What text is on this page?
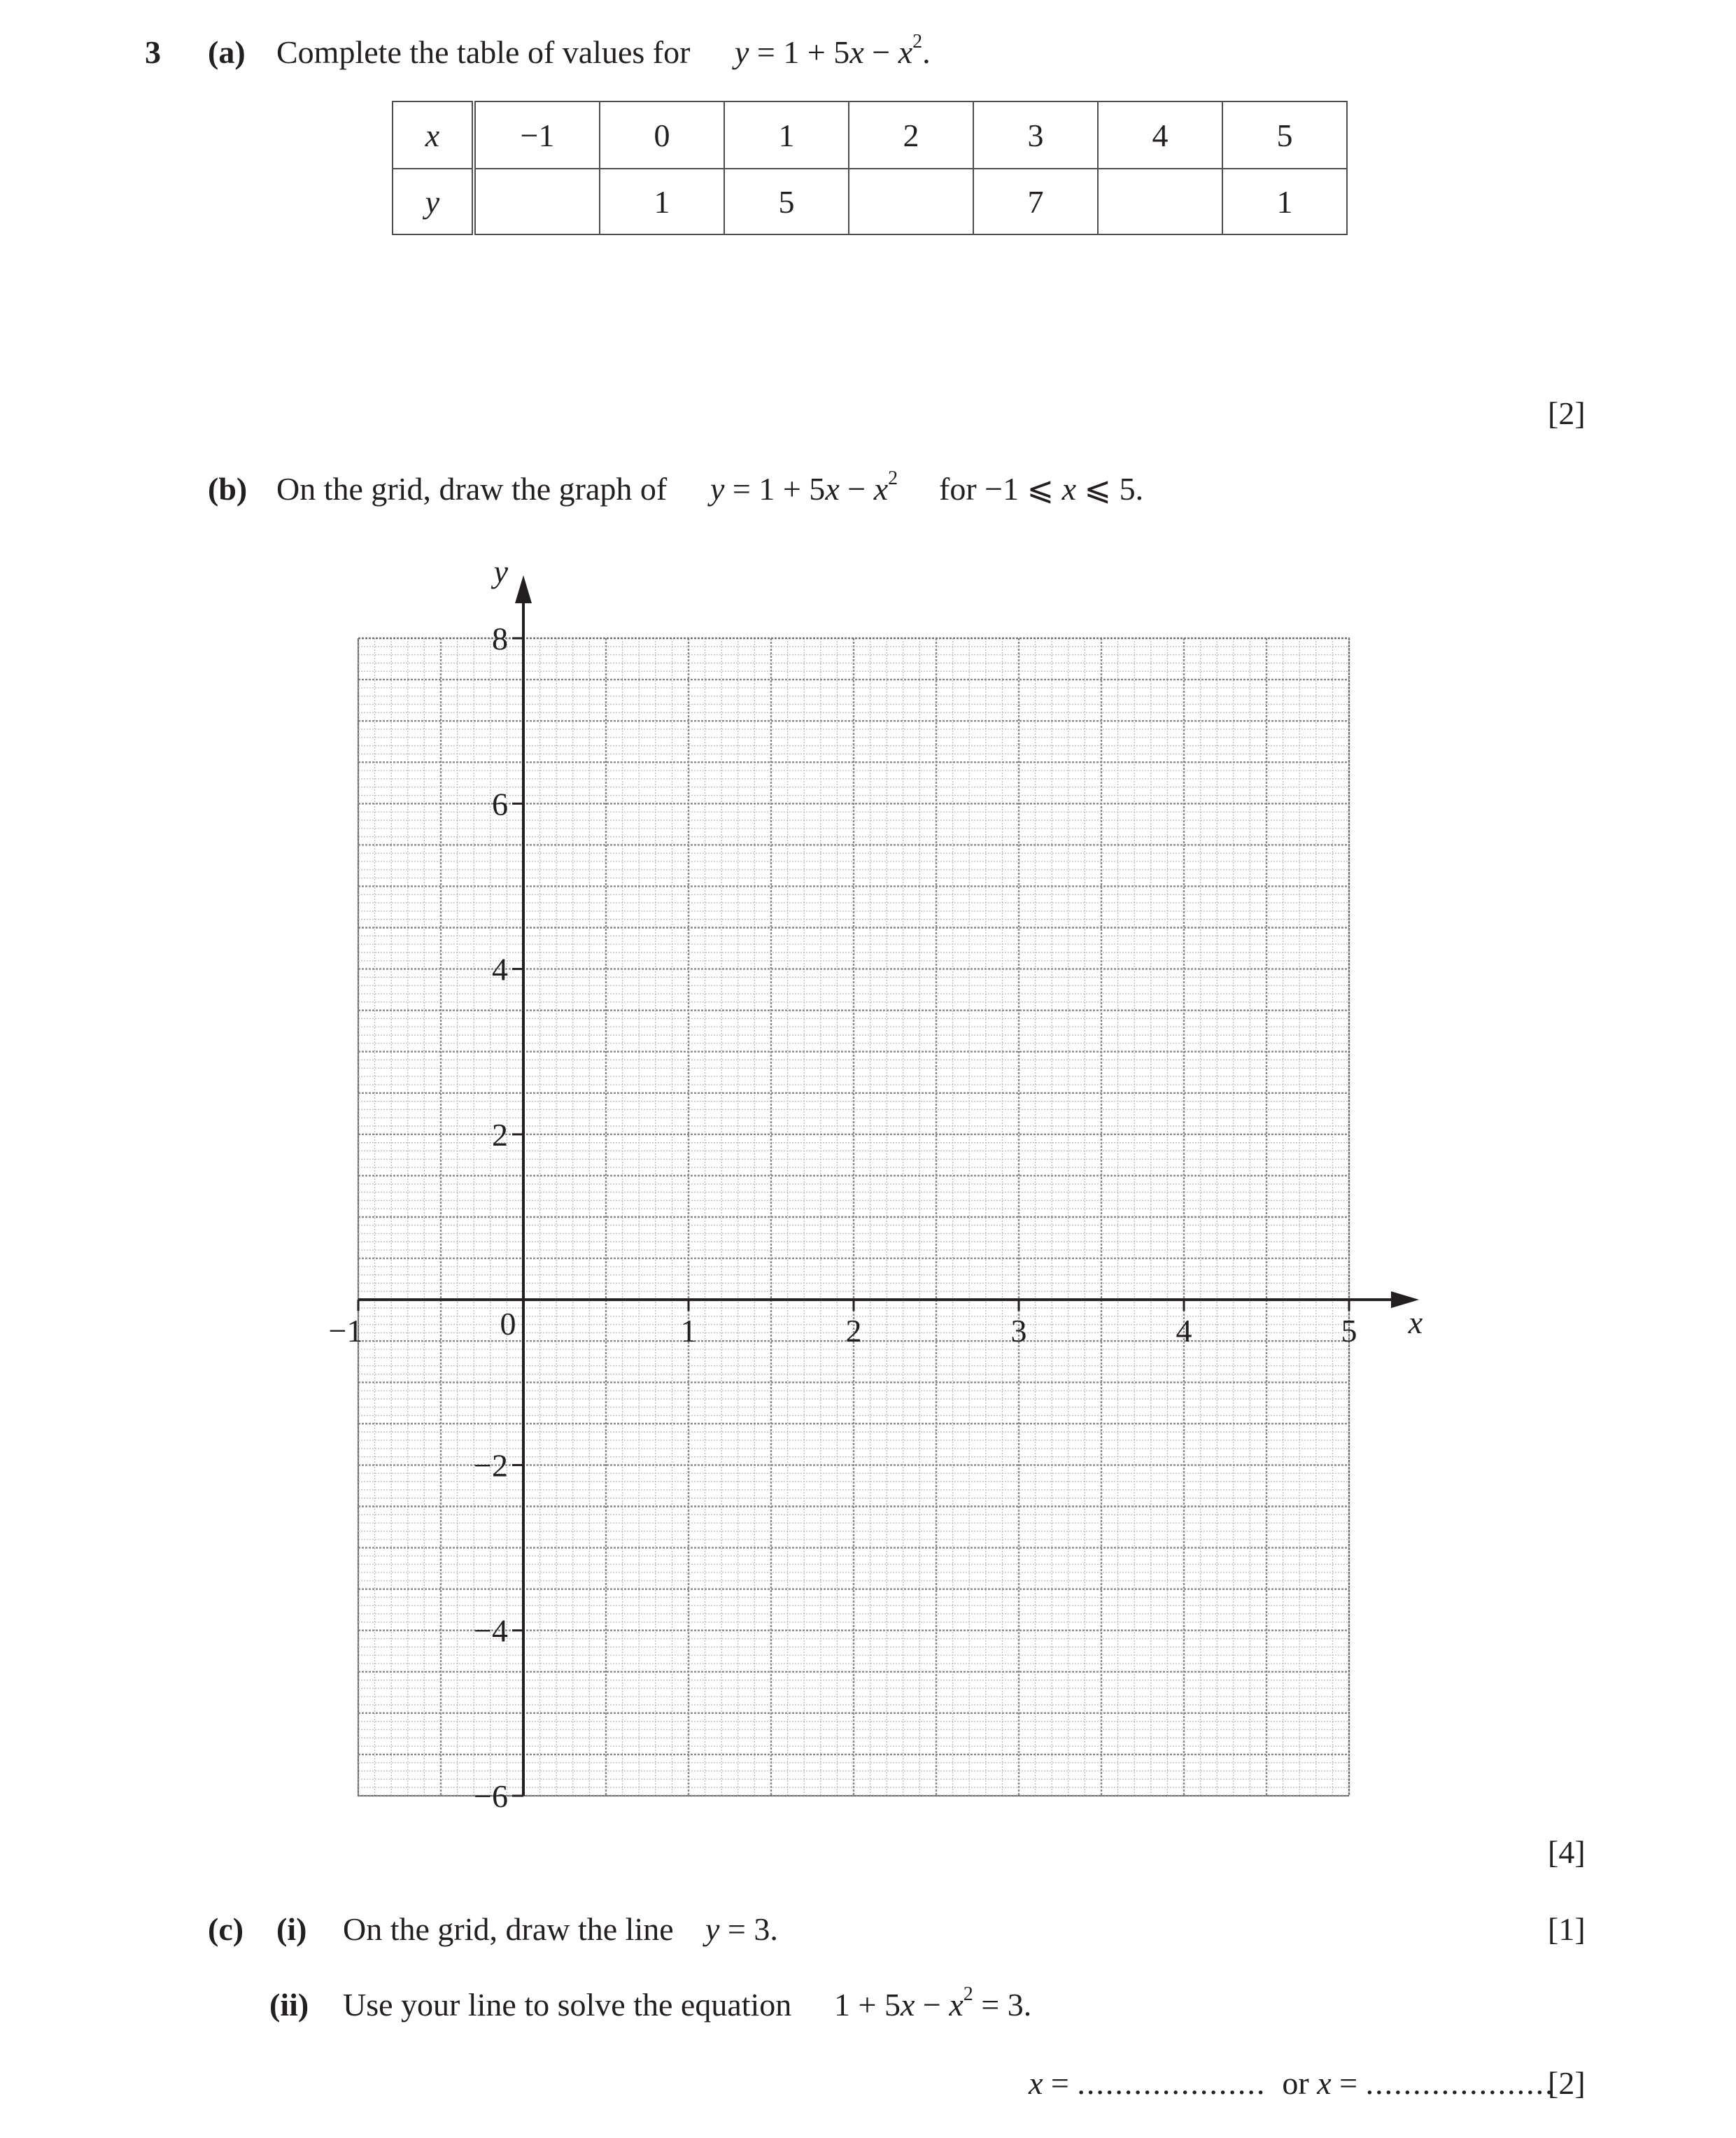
3 (a) Complete the table of values for $y = 1 + 5x - x^2$.
x	−1	0	1	2	3	4	5
y		1	5		7		1
[2]
(b) On the grid, draw the graph of $y = 1 + 5x - x^2$ for −1 ⩽ x ⩽ 5.
y
x
−1	0	1	2	3	4	5
8
6
4
2
−2
−4
−6
[4]
(c) (i) On the grid, draw the line y = 3.	[1]
(ii) Use your line to solve the equation $1 + 5x - x^2 = 3$.
x = .................... or x = ....................
[2]
